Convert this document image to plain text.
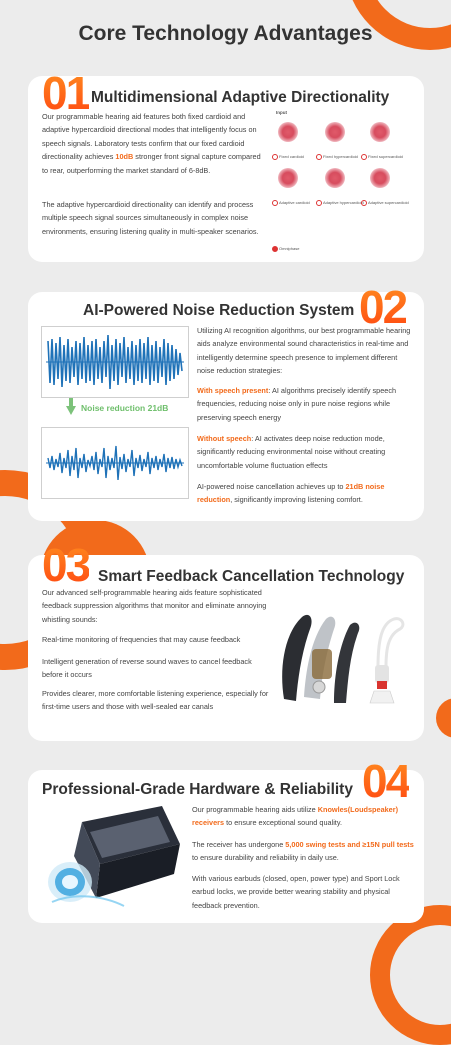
Core Technology Advantages
01 Multidimensional Adaptive Directionality

Our programmable hearing aid features both fixed cardioid and adaptive hypercardioid directional modes that intelligently focus on speech signals. Laboratory tests confirm that our fixed cardioid directionality achieves 10dB stronger front signal capture compared to rear, outperforming the market standard of 6-8dB.

The adaptive hypercardioid directionality can identify and process multiple speech signal sources simultaneously in complex noise environments, ensuring listening quality in multi-speaker scenarios.

Input
Fixed cardioid	Fixed hypercardioid	Fixed supercardioid
Adaptive cardioid	Adaptive hypercardioid	Adaptive supercardioid
Omniphase
AI-Powered Noise Reduction System 02
Noise reduction 21dB

Utilizing AI recognition algorithms, our best programmable hearing aids analyze environmental sound characteristics in real-time and intelligently determine speech presence to implement different noise reduction strategies:

With speech present: AI algorithms precisely identify speech frequencies, reducing noise only in pure noise regions while preserving speech energy

Without speech: AI activates deep noise reduction mode, significantly reducing environmental noise without creating uncomfortable volume fluctuation effects

AI-powered noise cancellation achieves up to 21dB noise reduction, significantly improving listening comfort.

03 Smart Feedback Cancellation Technology

Our advanced self-programmable hearing aids feature sophisticated feedback suppression algorithms that monitor and eliminate annoying whistling sounds:

Real-time monitoring of frequencies that may cause feedback

Intelligent generation of reverse sound waves to cancel feedback before it occurs

Provides clearer, more comfortable listening experience, especially for first-time users and those with well-sealed ear canals

Professional-Grade Hardware & Reliability 04

Our programmable hearing aids utilize Knowles(Loudspeaker) receivers to ensure exceptional sound quality.

The receiver has undergone 5,000 swing tests and ≥15N pull tests to ensure durability and reliability in daily use.

With various earbuds (closed, open, power type) and Sport Lock earbud locks, we provide better wearing stability and physical feedback prevention.
